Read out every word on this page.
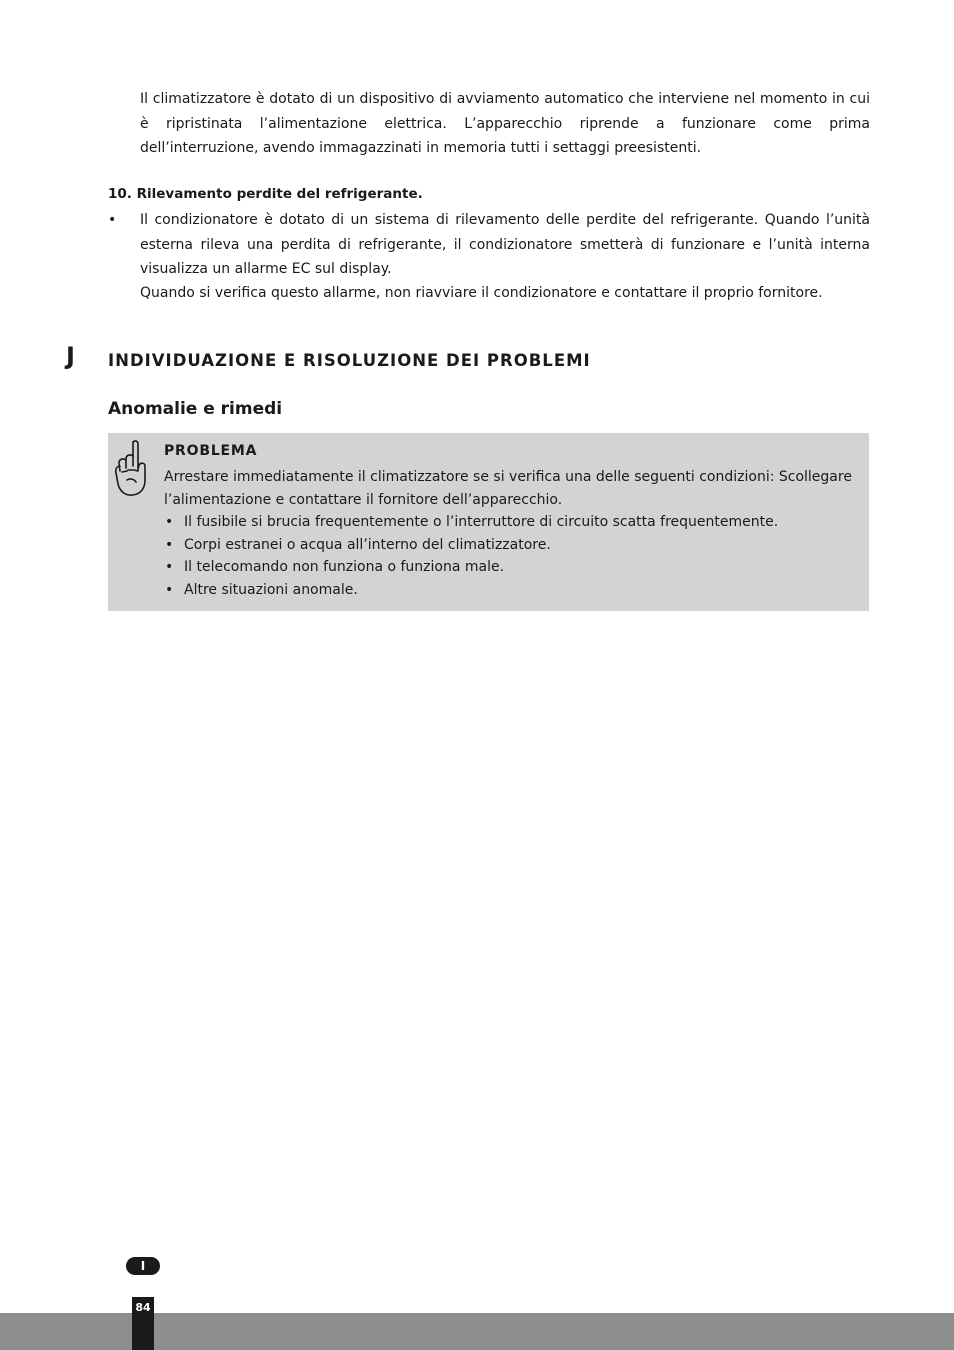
Il climatizzatore è dotato di un dispositivo di avviamento automatico che interviene nel momento in cui è ripristinata l’alimentazione elettrica. L’apparecchio riprende a funzionare come prima dell’interruzione, avendo immagazzinati in memoria tutti i settaggi preesistenti.

10. Rilevamento perdite del refrigerante.

• Il condizionatore è dotato di un sistema di rilevamento delle perdite del refrigerante. Quando l’unità esterna rileva una perdita di refrigerante, il condizionatore smetterà di funzionare e l’unità interna visualizza un allarme EC sul display.

Quando si verifica questo allarme, non riavviare il condizionatore e contattare il proprio fornitore.

J INDIVIDUAZIONE E RISOLUZIONE DEI PROBLEMI
Anomalie e rimedi
PROBLEMA

Arrestare immediatamente il climatizzatore se si verifica una delle seguenti condizioni: Scollegare l’alimentazione e contattare il fornitore dell’apparecchio.

• Il fusibile si brucia frequentemente o l’interruttore di circuito scatta frequentemente.
• Corpi estranei o acqua all’interno del climatizzatore.
• Il telecomando non funziona o funziona male.
• Altre situazioni anomale.
I
84
